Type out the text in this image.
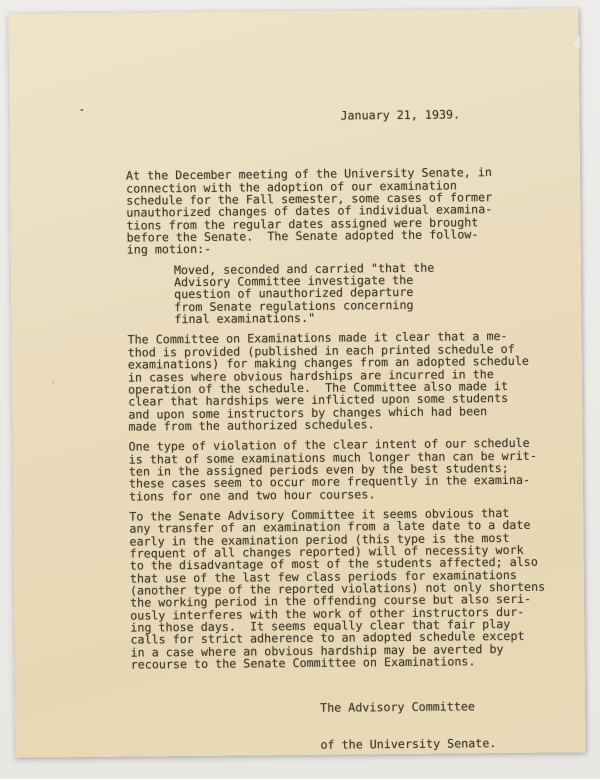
January 21, 1939.

At the December meeting of the University Senate, in
connection with the adoption of our examination
schedule for the Fall semester, some cases of former
unauthorized changes of dates of individual examina-
tions from the regular dates assigned were brought
before the Senate.  The Senate adopted the follow-
ing motion:-

Moved, seconded and carried "that the
Advisory Committee investigate the
question of unauthorized departure
from Senate regulations concerning
final examinations."

The Committee on Examinations made it clear that a me-
thod is provided (published in each printed schedule of
examinations) for making changes from an adopted schedule
in cases where obvious hardships are incurred in the
operation of the schedule.  The Committee also made it
clear that hardships were inflicted upon some students
and upon some instructors by changes which had been
made from the authorized schedules.

One type of violation of the clear intent of our schedule
is that of some examinations much longer than can be writ-
ten in the assigned periods even by the best students;
these cases seem to occur more frequently in the examina-
tions for one and two hour courses.

To the Senate Advisory Committee it seems obvious that
any transfer of an examination from a late date to a date
early in the examination period (this type is the most
frequent of all changes reported) will of necessity work
to the disadvantage of most of the students affected; also
that use of the last few class periods for examinations
(another type of the reported violations) not only shortens
the working period in the offending course but also seri-
ously interferes with the work of other instructors dur-
ing those days.  It seems equally clear that fair play
calls for strict adherence to an adopted schedule except
in a case where an obvious hardship may be averted by
recourse to the Senate Committee on Examinations.

The Advisory Committee

of the University Senate.
